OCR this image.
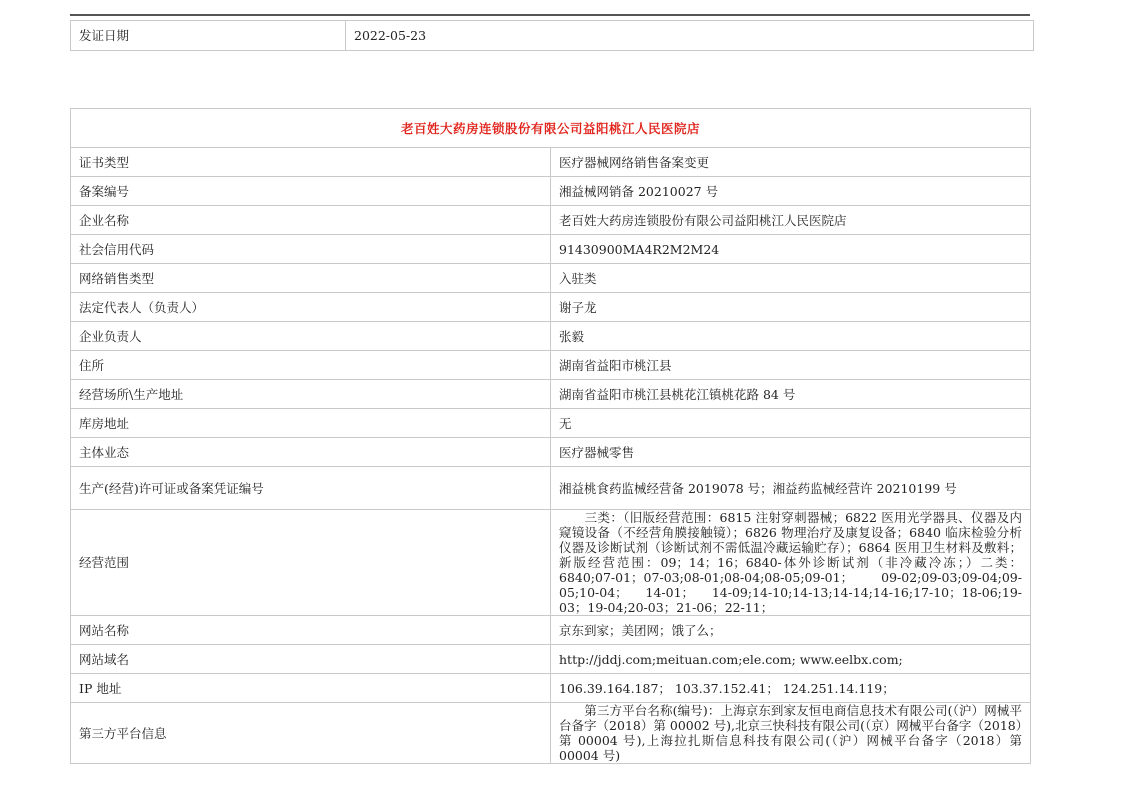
发证日期	2022-05-23
老百姓大药房连锁股份有限公司益阳桃江人民医院店	
证书类型	医疗器械网络销售备案变更
备案编号	湘益械网销备 20210027 号
企业名称	老百姓大药房连锁股份有限公司益阳桃江人民医院店
社会信用代码	91430900MA4R2M2M24
网络销售类型	入驻类
法定代表人（负责人）	谢子龙
企业负责人	张毅
住所	湖南省益阳市桃江县
经营场所\生产地址	湖南省益阳市桃江县桃花江镇桃花路 84 号
库房地址	无
主体业态	医疗器械零售
生产(经营)许可证或备案凭证编号	湘益桃食药监械经营备 2019078 号；湘益药监械经营许 20210199 号
经营范围	　　三类：（旧版经营范围：6815 注射穿刺器械；6822 医用光学器具、仪器及内窥镜设备（不经营角膜接触镜）；6826 物理治疗及康复设备；6840 临床检验分析仪器及诊断试剂（诊断试剂不需低温冷藏运输贮存）；6864 医用卫生材料及敷料；新版经营范围：09；14；16；6840-体外诊断试剂（非冷藏冷冻；）二类：6840;07-01；07-03;08-01;08-04;08-05;09-01； 09-02;09-03;09-04;09-05;10-04； 14-01； 14-09;14-10;14-13;14-14;14-16;17-10；18-06;19-03；19-04;20-03；21-06；22-11；
网站名称	京东到家；美团网；饿了么；
网站域名	http://jddj.com;meituan.com;ele.com; www.eelbx.com;
IP 地址	106.39.164.187； 103.37.152.41； 124.251.14.119；
第三方平台信息	　　第三方平台名称(编号)：上海京东到家友恒电商信息技术有限公司(（沪）网械平台备字（2018）第 00002 号),北京三快科技有限公司(（京）网械平台备字（2018）第 00004 号),上海拉扎斯信息科技有限公司(（沪）网械平台备字（2018）第 00004 号)
